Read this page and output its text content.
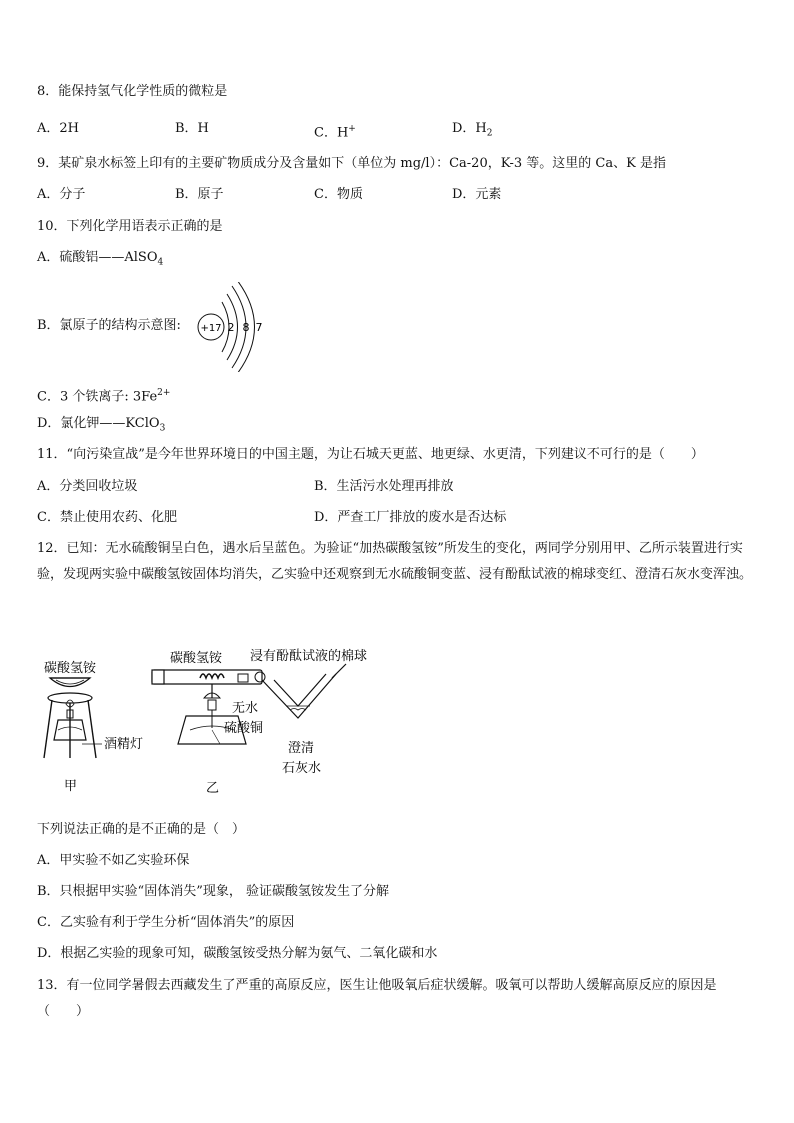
8．能保持氢气化学性质的微粒是
A．2H	B．H	C．H+	D．$H_2$
9．某矿泉水标签上印有的主要矿物质成分及含量如下（单位为 mg/l）：Ca-20，K-3 等。这里的 Ca、K 是指
A．分子	B．原子	C．物质	D．元素
10．下列化学用语表示正确的是
A．硫酸铝——AlSO$_4$
B．氯原子的结构示意图: +17 2 8 7
C．3 个铁离子: $3Fe^{2+}$
D．氯化钾——KClO$_3$
11．“向污染宣战”是今年世界环境日的中国主题，为让石城天更蓝、地更绿、水更清，下列建议不可行的是（　　）
A．分类回收垃圾	B．生活污水处理再排放
C．禁止使用农药、化肥	D．严查工厂排放的废水是否达标
12．已知：无水硫酸铜呈白色，遇水后呈蓝色。为验证“加热碳酸氢铵”所发生的变化，两同学分别用甲、乙所示装置进行实验，发现两实验中碳酸氢铵固体均消失，乙实验中还观察到无水硫酸铜变蓝、浸有酚酞试液的棉球变红、澄清石灰水变浑浊。
碳酸氢铵
酒精灯
甲
碳酸氢铵 浸有酚酞试液的棉球
无水
硫酸铜
澄清
石灰水
乙
下列说法正确的是不正确的是（　）
A．甲实验不如乙实验环保
B．只根据甲实验“固体消失”现象， 验证碳酸氢铵发生了分解
C．乙实验有利于学生分析“固体消失”的原因
D．根据乙实验的现象可知，碳酸氢铵受热分解为氨气、二氧化碳和水
13．有一位同学暑假去西藏发生了严重的高原反应，医生让他吸氧后症状缓解。吸氧可以帮助人缓解高原反应的原因是（　　）
